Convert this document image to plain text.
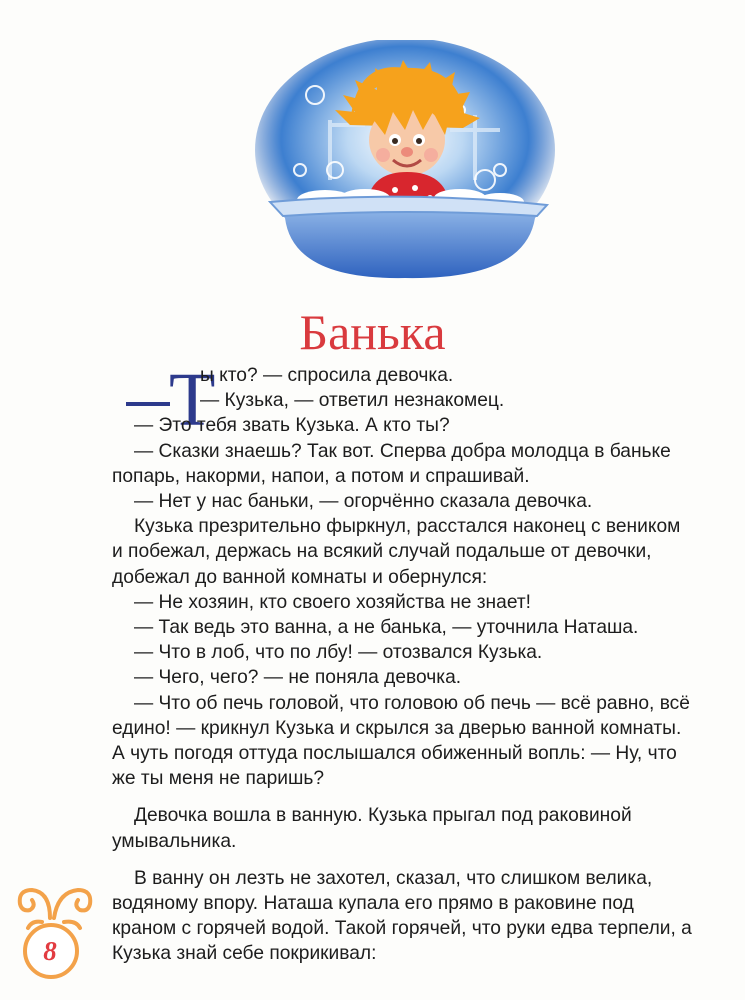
Банька
Т

ы кто? — спросила девочка.

— Кузька, — ответил незнакомец.

— Это тебя звать Кузька. А кто ты?

— Сказки знаешь? Так вот. Сперва добра молодца в баньке попарь, накорми, напои, а потом и спрашивай.

— Нет у нас баньки, — огорчённо сказала девочка.

Кузька презрительно фыркнул, расстался наконец с веником и побежал, держась на всякий случай подальше от девочки, добежал до ванной комнаты и обернулся:

— Не хозяин, кто своего хозяйства не знает!

— Так ведь это ванна, а не банька, — уточнила Наташа.

— Что в лоб, что по лбу! — отозвался Кузька.

— Чего, чего? — не поняла девочка.

— Что об печь головой, что головою об печь — всё равно, всё едино! — крикнул Кузька и скрылся за дверью ванной комнаты. А чуть погодя оттуда послышался обиженный вопль: — Ну, что же ты меня не паришь?

Девочка вошла в ванную. Кузька прыгал под раковиной умывальника.

В ванну он лезть не захотел, сказал, что слишком велика, водяному впору. Наташа купала его прямо в раковине под краном с горячей водой. Такой горячей, что руки едва терпели, а Кузька знай себе покрикивал:

8
